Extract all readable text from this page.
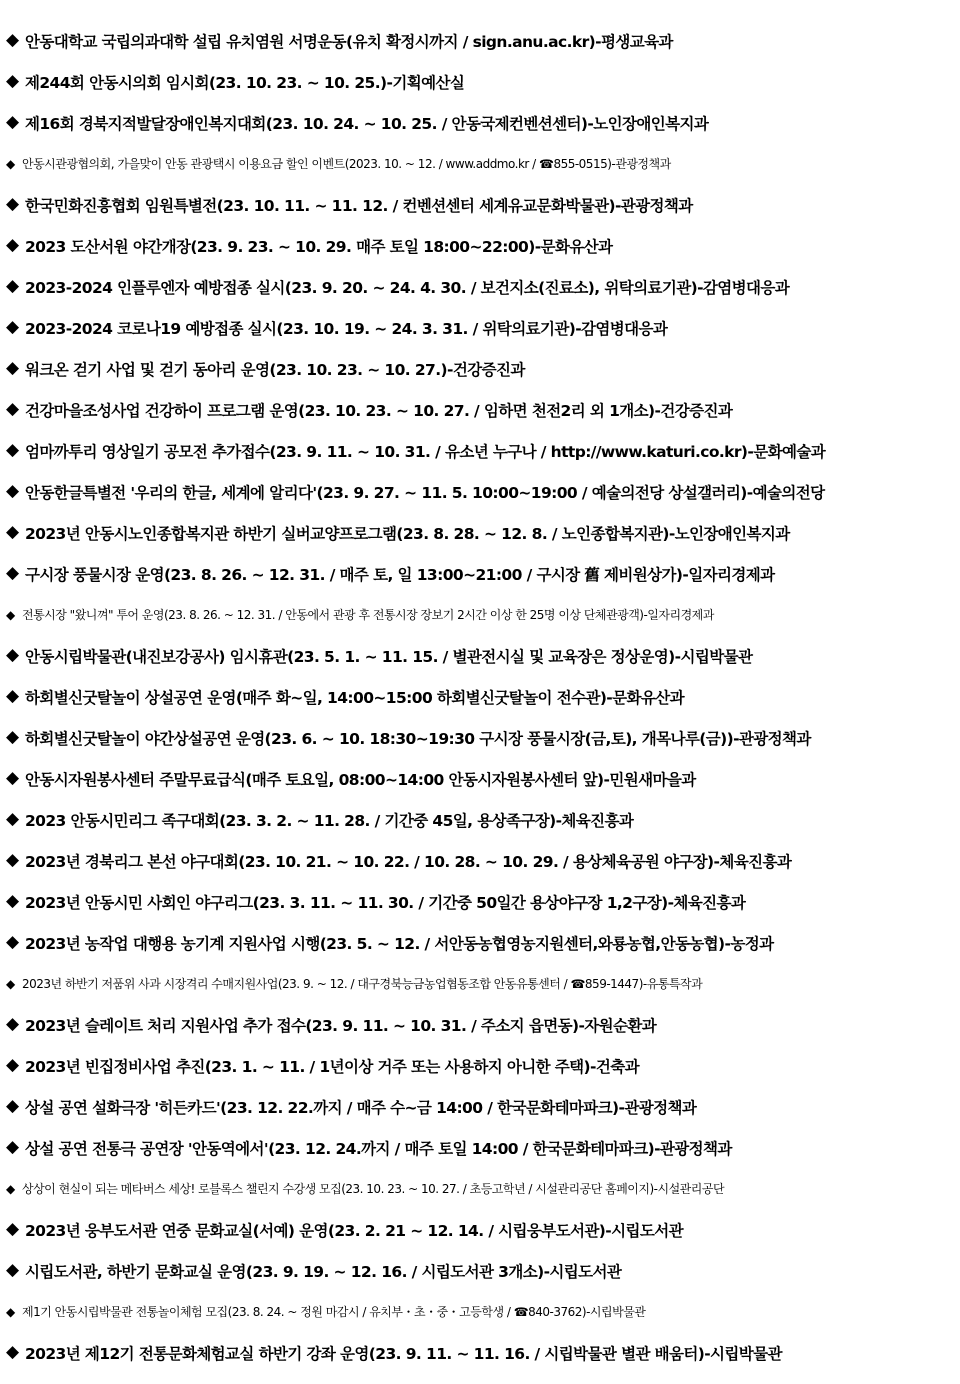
◆ 안동대학교 국립의과대학 설립 유치염원 서명운동(유치 확정시까지 / sign.anu.ac.kr)-평생교육과
◆ 제244회 안동시의회 임시회(23. 10. 23. ~ 10. 25.)-기획예산실
◆ 제16회 경북지적발달장애인복지대회(23. 10. 24. ~ 10. 25. / 안동국제컨벤션센터)-노인장애인복지과
◆ 안동시관광협의회, 가을맞이 안동 관광택시 이용요금 할인 이벤트(2023. 10. ~ 12. / www.addmo.kr / ☎855-0515)-관광정책과
◆ 한국민화진흥협회 임원특별전(23. 10. 11. ~ 11. 12. / 컨벤션센터 세계유교문화박물관)-관광정책과
◆ 2023 도산서원 야간개장(23. 9. 23. ~ 10. 29. 매주 토일 18:00~22:00)-문화유산과
◆ 2023-2024 인플루엔자 예방접종 실시(23. 9. 20. ~ 24. 4. 30. / 보건지소(진료소), 위탁의료기관)-감염병대응과
◆ 2023-2024 코로나19 예방접종 실시(23. 10. 19. ~ 24. 3. 31. / 위탁의료기관)-감염병대응과
◆ 워크온 걷기 사업 및 걷기 동아리 운영(23. 10. 23. ~ 10. 27.)-건강증진과
◆ 건강마을조성사업 건강하이 프로그램 운영(23. 10. 23. ~ 10. 27. / 임하면 천전2리 외 1개소)-건강증진과
◆ 엄마까투리 영상일기 공모전 추가접수(23. 9. 11. ~ 10. 31. / 유소년 누구나 / http://www.katuri.co.kr)-문화예술과
◆ 안동한글특별전 '우리의 한글, 세계에 알리다'(23. 9. 27. ~ 11. 5. 10:00~19:00 / 예술의전당 상설갤러리)-예술의전당
◆ 2023년 안동시노인종합복지관 하반기 실버교양프로그램(23. 8. 28. ~ 12. 8. / 노인종합복지관)-노인장애인복지과
◆ 구시장 풍물시장 운영(23. 8. 26. ~ 12. 31. / 매주 토, 일 13:00~21:00 / 구시장 舊 제비원상가)-일자리경제과
◆ 전통시장 "왔니껴" 투어 운영(23. 8. 26. ~ 12. 31. / 안동에서 관광 후 전통시장 장보기 2시간 이상 한 25명 이상 단체관광객)-일자리경제과
◆ 안동시립박물관(내진보강공사) 임시휴관(23. 5. 1. ~ 11. 15. / 별관전시실 및 교육장은 정상운영)-시립박물관
◆ 하회별신굿탈놀이 상설공연 운영(매주 화~일, 14:00~15:00 하회별신굿탈놀이 전수관)-문화유산과
◆ 하회별신굿탈놀이 야간상설공연 운영(23. 6. ~ 10. 18:30~19:30 구시장 풍물시장(금,토), 개목나루(금))-관광정책과
◆ 안동시자원봉사센터 주말무료급식(매주 토요일, 08:00~14:00 안동시자원봉사센터 앞)-민원새마을과
◆ 2023 안동시민리그 족구대회(23. 3. 2. ~ 11. 28. / 기간중 45일, 용상족구장)-체육진흥과
◆ 2023년 경북리그 본선 야구대회(23. 10. 21. ~ 10. 22. / 10. 28. ~ 10. 29. / 용상체육공원 야구장)-체육진흥과
◆ 2023년 안동시민 사회인 야구리그(23. 3. 11. ~ 11. 30. / 기간중 50일간 용상야구장 1,2구장)-체육진흥과
◆ 2023년 농작업 대행용 농기계 지원사업 시행(23. 5. ~ 12. / 서안동농협영농지원센터,와룡농협,안동농협)-농정과
◆ 2023년 하반기 저품위 사과 시장격리 수매지원사업(23. 9. ~ 12. / 대구경북능금농업협동조합 안동유통센터 / ☎859-1447)-유통특작과
◆ 2023년 슬레이트 처리 지원사업 추가 접수(23. 9. 11. ~ 10. 31. / 주소지 읍면동)-자원순환과
◆ 2023년 빈집정비사업 추진(23. 1. ~ 11. / 1년이상 거주 또는 사용하지 아니한 주택)-건축과
◆ 상설 공연 설화극장 '히든카드'(23. 12. 22.까지 / 매주 수~금 14:00 / 한국문화테마파크)-관광정책과
◆ 상설 공연 전통극 공연장 '안동역에서'(23. 12. 24.까지 / 매주 토일 14:00 / 한국문화테마파크)-관광정책과
◆ 상상이 현실이 되는 메타버스 세상! 로블록스 챌린지 수강생 모집(23. 10. 23. ~ 10. 27. / 초등고학년 / 시설관리공단 홈페이지)-시설관리공단
◆ 2023년 웅부도서관 연중 문화교실(서예) 운영(23. 2. 21 ~ 12. 14. / 시립웅부도서관)-시립도서관
◆ 시립도서관, 하반기 문화교실 운영(23. 9. 19. ~ 12. 16. / 시립도서관 3개소)-시립도서관
◆ 제1기 안동시립박물관 전통놀이체험 모집(23. 8. 24. ~ 정원 마감시 / 유치부・초・중・고등학생 / ☎840-3762)-시립박물관
◆ 2023년 제12기 전통문화체험교실 하반기 강좌 운영(23. 9. 11. ~ 11. 16. / 시립박물관 별관 배움터)-시립박물관
